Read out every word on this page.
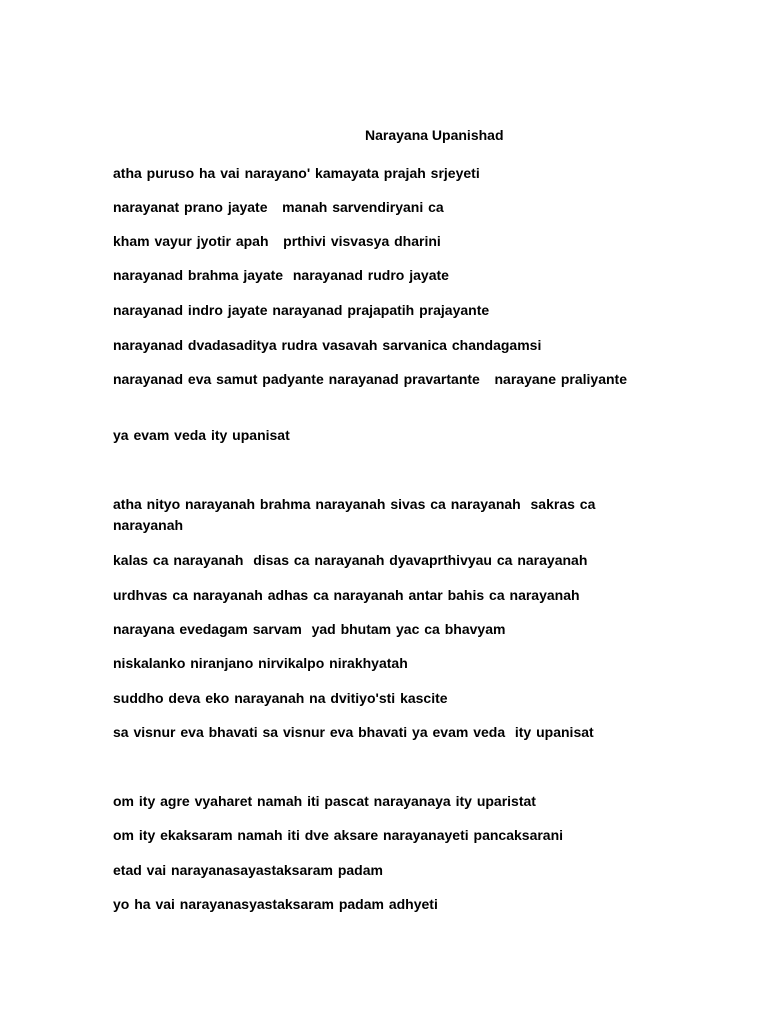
Narayana Upanishad
atha puruso ha vai narayano' kamayata prajah srjeyeti
narayanat prano jayate   manah sarvendiryani ca
kham vayur jyotir apah   prthivi visvasya dharini
narayanad brahma jayate  narayanad rudro jayate
narayanad indro jayate narayanad prajapatih prajayante
narayanad dvadasaditya rudra vasavah sarvanica chandagamsi
narayanad eva samut padyante narayanad pravartante   narayane praliyante
ya evam veda ity upanisat
atha nityo narayanah brahma narayanah sivas ca narayanah  sakras ca narayanah
kalas ca narayanah  disas ca narayanah dyavaprthivyau ca narayanah
urdhvas ca narayanah adhas ca narayanah antar bahis ca narayanah
narayana evedagam sarvam  yad bhutam yac ca bhavyam
niskalanko niranjano nirvikalpo nirakhyatah
suddho deva eko narayanah na dvitiyo'sti kascite
sa visnur eva bhavati sa visnur eva bhavati ya evam veda  ity upanisat
om ity agre vyaharet namah iti pascat narayanaya ity uparistat
om ity ekaksaram namah iti dve aksare narayanayeti pancaksarani
etad vai narayanasayastaksaram padam
yo ha vai narayanasyastaksaram padam adhyeti
